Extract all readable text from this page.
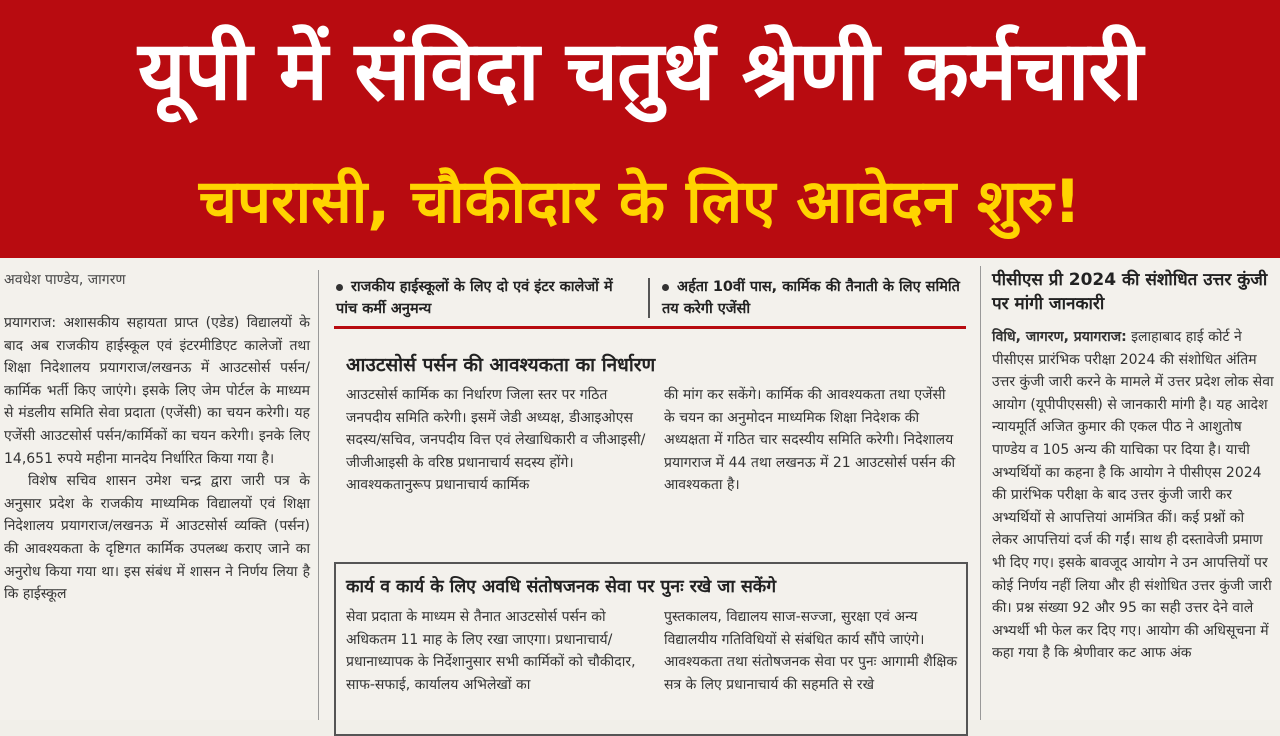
यूपी में संविदा चतुर्थ श्रेणी कर्मचारी
चपरासी, चौकीदार के लिए आवेदन शुरु!
अवधेश पाण्डेय, जागरण

प्रयागराज: अशासकीय सहायता प्राप्त (एडेड) विद्यालयों के बाद अब राजकीय हाईस्कूल एवं इंटरमीडिएट कालेजों तथा शिक्षा निदेशालय प्रयागराज/लखनऊ में आउटसोर्स पर्सन/कार्मिक भर्ती किए जाएंगे। इसके लिए जेम पोर्टल के माध्यम से मंडलीय समिति सेवा प्रदाता (एजेंसी) का चयन करेगी। यह एजेंसी आउटसोर्स पर्सन/कार्मिकों का चयन करेगी। इनके लिए 14,651 रुपये महीना मानदेय निर्धारित किया गया है।

विशेष सचिव शासन उमेश चन्द्र द्वारा जारी पत्र के अनुसार प्रदेश के राजकीय माध्यमिक विद्यालयों एवं शिक्षा निदेशालय प्रयागराज/लखनऊ में आउटसोर्स व्यक्ति (पर्सन) की आवश्यकता के दृष्टिगत कार्मिक उपलब्ध कराए जाने का अनुरोध किया गया था। इस संबंध में शासन ने निर्णय लिया है कि हाईस्कूल

राजकीय हाईस्कूलों के लिए दो एवं इंटर कालेजों में पांच कर्मी अनुमन्य
अर्हता 10वीं पास, कार्मिक की तैनाती के लिए समिति तय करेगी एजेंसी
आउटसोर्स पर्सन की आवश्यकता का निर्धारण

आउटसोर्स कार्मिक का निर्धारण जिला स्तर पर गठित जनपदीय समिति करेगी। इसमें जेडी अध्यक्ष, डीआइओएस सदस्य/सचिव, जनपदीय वित्त एवं लेखाधिकारी व जीआइसी/जीजीआइसी के वरिष्ठ प्रधानाचार्य सदस्य होंगे। आवश्यकतानुरूप प्रधानाचार्य कार्मिक

की मांग कर सकेंगे। कार्मिक की आवश्यकता तथा एजेंसी के चयन का अनुमोदन माध्यमिक शिक्षा निदेशक की अध्यक्षता में गठित चार सदस्यीय समिति करेगी। निदेशालय प्रयागराज में 44 तथा लखनऊ में 21 आउटसोर्स पर्सन की आवश्यकता है।

कार्य व कार्य के लिए अवधि संतोषजनक सेवा पर पुनः रखे जा सकेंगे

सेवा प्रदाता के माध्यम से तैनात आउटसोर्स पर्सन को अधिकतम 11 माह के लिए रखा जाएगा। प्रधानाचार्य/प्रधानाध्यापक के निर्देशानुसार सभी कार्मिकों को चौकीदार, साफ-सफाई, कार्यालय अभिलेखों का

पुस्तकालय, विद्यालय साज-सज्जा, सुरक्षा एवं अन्य विद्यालयीय गतिविधियों से संबंधित कार्य सौंपे जाएंगे। आवश्यकता तथा संतोषजनक सेवा पर पुनः आगामी शैक्षिक सत्र के लिए प्रधानाचार्य की सहमति से रखे

पीसीएस प्री 2024 की संशोधित उत्तर कुंजी पर मांगी जानकारी

विधि, जागरण, प्रयागराज: इलाहाबाद हाई कोर्ट ने पीसीएस प्रारंभिक परीक्षा 2024 की संशोधित अंतिम उत्तर कुंजी जारी करने के मामले में उत्तर प्रदेश लोक सेवा आयोग (यूपीपीएससी) से जानकारी मांगी है। यह आदेश न्यायमूर्ति अजित कुमार की एकल पीठ ने आशुतोष पाण्डेय व 105 अन्य की याचिका पर दिया है। याची अभ्यर्थियों का कहना है कि आयोग ने पीसीएस 2024 की प्रारंभिक परीक्षा के बाद उत्तर कुंजी जारी कर अभ्यर्थियों से आपत्तियां आमंत्रित कीं। कई प्रश्नों को लेकर आपत्तियां दर्ज की गईं। साथ ही दस्तावेजी प्रमाण भी दिए गए। इसके बावजूद आयोग ने उन आपत्तियों पर कोई निर्णय नहीं लिया और ही संशोधित उत्तर कुंजी जारी की। प्रश्न संख्या 92 और 95 का सही उत्तर देने वाले अभ्यर्थी भी फेल कर दिए गए। आयोग की अधिसूचना में कहा गया है कि श्रेणीवार कट आफ अंक
